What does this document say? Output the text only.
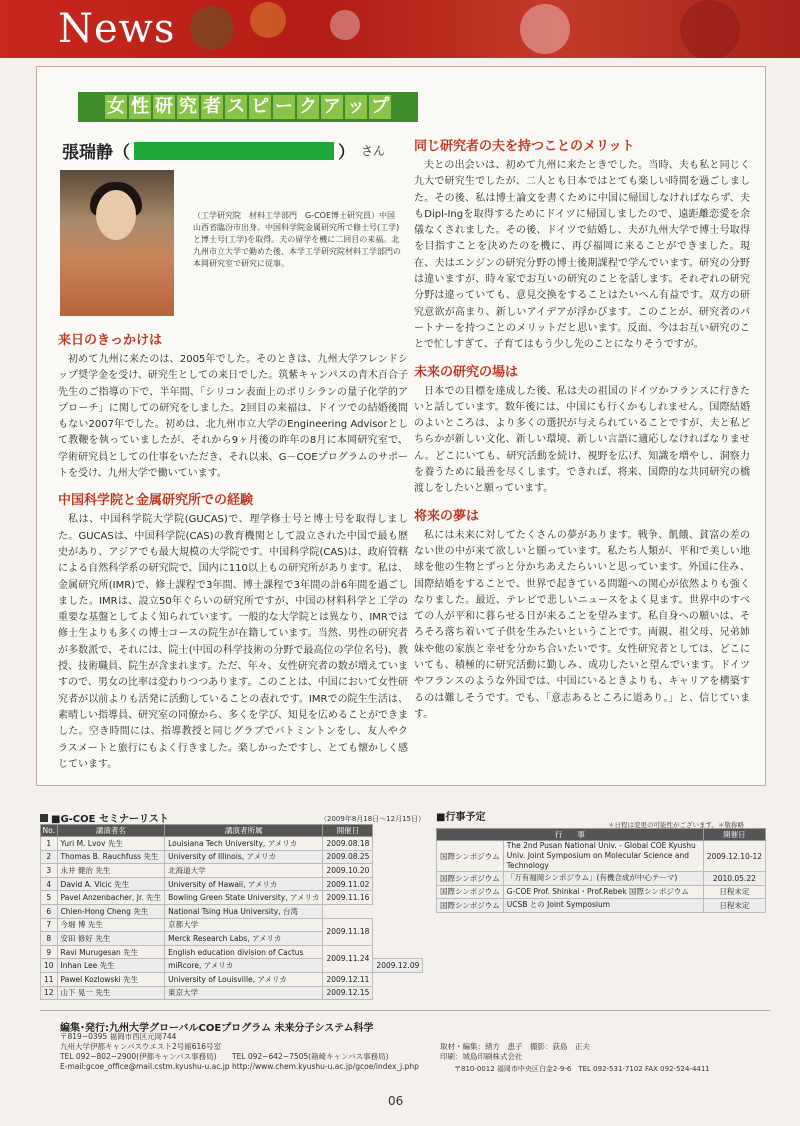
News
女 性 研 究 者 ス ピ ー ク ア ッ プ
張瑞静（	） さん
（工学研究院　材料工学部門　G-COE博士研究員）中国山西省臨汾市出身。中国科学院金属研究所で修士号(工学)と博士号(工学)を取得。夫の留学を機に二回目の来福。北九州市立大学で勤めた後、本学工学研究院材料工学部門の本岡研究室で研究に従事。
来日のきっかけは

初めて九州に来たのは、2005年でした。そのときは、九州大学フレンドシップ奨学金を受け、研究生としての来日でした。筑紫キャンパスの青木百合子先生のご指導の下で、半年間、「シリコン表面上のポリシランの量子化学的アプローチ」に関しての研究をしました。2回目の来福は、ドイツでの結婚後間もない2007年でした。初めは、北九州市立大学のEngineering Advisorとして教鞭を執っていましたが、それから9ヶ月後の昨年の8月に本岡研究室で、学術研究員としての仕事をいただき、それ以来、G－COEプログラムのサポートを受け、九州大学で働いています。

中国科学院と金属研究所での経験

私は、中国科学院大学院(GUCAS)で、理学修士号と博士号を取得しました。GUCASは、中国科学院(CAS)の教育機関として設立された中国で最も歴史があり、アジアでも最大規模の大学院です。中国科学院(CAS)は、政府管轄による自然科学系の研究院で、国内に110以上もの研究所があります。私は、金属研究所(IMR)で、修士課程で3年間、博士課程で3年間の計6年間を過ごしました。IMRは、設立50年ぐらいの研究所ですが、中国の材料科学と工学の重要な基盤としてよく知られています。一般的な大学院とは異なり、IMRでは修士生よりも多くの博士コースの院生が在籍しています。当然、男性の研究者が多数派で、それには、院士(中国の科学技術の分野で最高位の学位名号)、教授、技術職員、院生が含まれます。ただ、年々、女性研究者の数が増えていますので、男女の比率は変わりつつあります。このことは、中国において女性研究者が以前よりも活発に活動していることの表れです。IMRでの院生生活は、素晴しい指導員、研究室の同僚から、多くを学び、知見を広めることができました。空き時間には、指導教授と同じグラブでバトミントンをし、友人やクラスメートと旅行にもよく行きました。楽しかったですし、とても懐かしく感じています。

同じ研究者の夫を持つことのメリット

夫との出会いは、初めて九州に来たときでした。当時、夫も私と同じく九大で研究生でしたが、二人とも日本ではとても楽しい時間を過ごしました。その後、私は博士論文を書くために中国に帰国しなければならず、夫もDipl-Ingを取得するためにドイツに帰国しましたので、遠距離恋愛を余儀なくされました。その後、ドイツで結婚し、夫が九州大学で博士号取得を目指すことを決めたのを機に、再び福岡に来ることができました。現在、夫はエンジンの研究分野の博士後期課程で学んでいます。研究の分野は違いますが、時々家でお互いの研究のことを話します。それぞれの研究分野は違っていても、意見交換をすることはたいへん有益です。双方の研究意欲が高まり、新しいアイデアが浮かびます。このことが、研究者のパートナーを持つことのメリットだと思います。反面、今はお互い研究のことで忙しすぎて、子育てはもう少し先のことになりそうですが。

未来の研究の場は

日本での目標を達成した後、私は夫の祖国のドイツかフランスに行きたいと話しています。数年後には、中国にも行くかもしれません。国際結婚のよいところは、より多くの選択が与えられていることですが、夫と私どちらかが新しい文化、新しい環境、新しい言語に適応しなければなりません。どこにいても、研究活動を続け、視野を広げ、知識を増やし、洞察力を養うために最善を尽くします。できれば、将来、国際的な共同研究の橋渡しをしたいと願っています。

将来の夢は

私には未来に対してたくさんの夢があります。戦争、飢餓、貧富の差のない世の中が来て欲しいと願っています。私たち人類が、平和で美しい地球を他の生物とずっと分かちあえたらいいと思っています。外国に住み、国際結婚をすることで、世界で起きている問題への関心が依然よりも強くなりました。最近、テレビで悲しいニュースをよく見ます。世界中のすべての人が平和に暮らせる日が来ることを望みます。私自身への願いは、そろそろ落ち着いて子供を生みたいということです。両親、祖父母、兄弟姉妹や他の家族と幸せを分かち合いたいです。女性研究者としては、どこにいても、積極的に研究活動に勤しみ、成功したいと望んでいます。ドイツやフランスのような外国では、中国にいるときよりも、キャリアを構築するのは難しそうです。でも、「意志あるところに道あり。」と、信じています。

■G-COE セミナーリスト	（2009年8月18日〜12月15日）
No.	講演者名	講演者所属	開催日	
1	Yuri M. Lvov 先生	Louisiana Tech University, アメリカ	2009.08.18	
2	Thomas B. Rauchfuss 先生	University of Illinois, アメリカ	2009.08.25	
3	永井 健治 先生	北海道大学	2009.10.20	
4	David A. Vicic 先生	University of Hawaii, アメリカ	2009.11.02	
5	Pavel Anzenbacher, Jr. 先生	Bowling Green State University, アメリカ	2009.11.16	
6	Chien-Hong Cheng 先生	National Tsing Hua University, 台湾		
7	今堀 博 先生	京都大学	2009.11.18	
8	安田 修好 先生	Merck Research Labs, アメリカ		
9	Ravi Murugesan 先生	English education division of Cactus	2009.11.24	
10	Inhan Lee 先生	miRcore, アメリカ		2009.12.09
11	Pawel Kozlowski 先生	University of Louisville, アメリカ	2009.12.11	
12	山下 晃一 先生	東京大学	2009.12.15	
■行事予定
＊日程は変更の可能性がございます。＊敬称略
行　　事		開催日
国際シンポジウム	The 2nd Pusan National Univ. - Global COE Kyushu Univ. Joint Symposium on Molecular Science and Technology	2009.12.10-12
国際シンポジウム	「万有福岡シンポジウム」(有機合成が中心テーマ)	2010.05.22
国際シンポジウム	G-COE Prof. Shinkai・Prof.Rebek 国際シンポジウム	日程未定
国際シンポジウム	UCSB との Joint Symposium	日程未定
編集･発行:九州大学グローバルCOEプログラム 未来分子システム科学
〒819−0395 福岡市西区元岡744
九州大学伊都キャンパスウエスト2号館616号室
TEL 092−802−2900(伊都キャンパス事務局) TEL 092−642−7505(箱崎キャンパス事務局)
E-mail:gcoe_office@mail.cstm.kyushu-u.ac.jp http://www.chem.kyushu-u.ac.jp/gcoe/index_j.php
取材・編集：緒方　恵子　撮影：荻島　正夫
印刷：城島印刷株式会社
〒810-0012 福岡市中央区白金2-9-6　TEL 092-531-7102 FAX 092-524-4411
06
